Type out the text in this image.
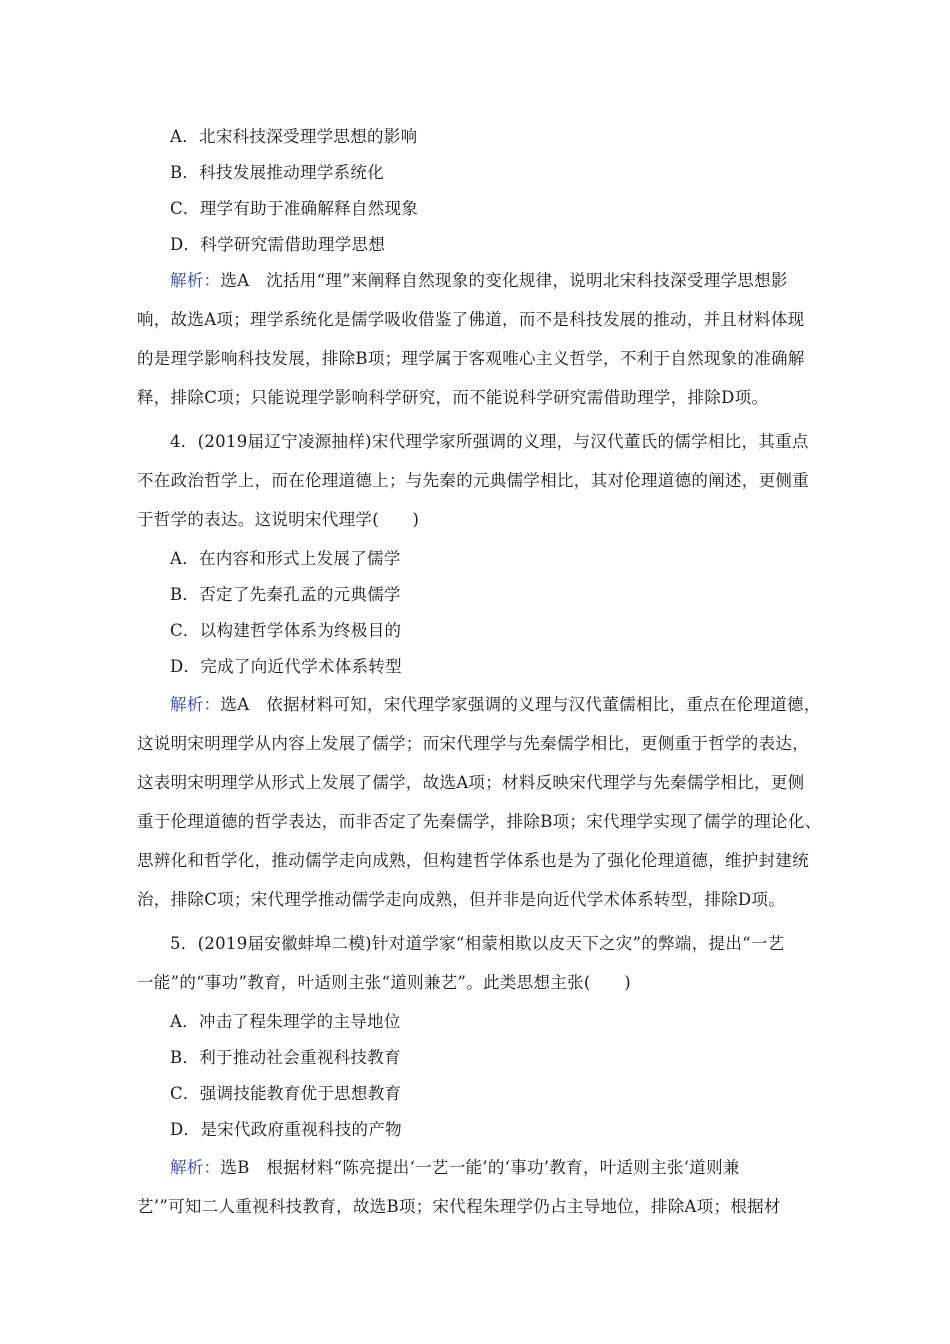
A．北宋科技深受理学思想的影响
B．科技发展推动理学系统化
C．理学有助于准确解释自然现象
D．科学研究需借助理学思想
解析：选A　沈括用“理”来阐释自然现象的变化规律，说明北宋科技深受理学思想影
响，故选A项；理学系统化是儒学吸收借鉴了佛道，而不是科技发展的推动，并且材料体现
的是理学影响科技发展，排除B项；理学属于客观唯心主义哲学，不利于自然现象的准确解
释，排除C项；只能说理学影响科学研究，而不能说科学研究需借助理学，排除D项。
4．(2019届辽宁凌源抽样)宋代理学家所强调的义理，与汉代董氏的儒学相比，其重点
不在政治哲学上，而在伦理道德上；与先秦的元典儒学相比，其对伦理道德的阐述，更侧重
于哲学的表达。这说明宋代理学(　　)
A．在内容和形式上发展了儒学
B．否定了先秦孔孟的元典儒学
C．以构建哲学体系为终极目的
D．完成了向近代学术体系转型
解析：选A　依据材料可知，宋代理学家强调的义理与汉代董儒相比，重点在伦理道德，
这说明宋明理学从内容上发展了儒学；而宋代理学与先秦儒学相比，更侧重于哲学的表达，
这表明宋明理学从形式上发展了儒学，故选A项；材料反映宋代理学与先秦儒学相比，更侧
重于伦理道德的哲学表达，而非否定了先秦儒学，排除B项；宋代理学实现了儒学的理论化、
思辨化和哲学化，推动儒学走向成熟，但构建哲学体系也是为了强化伦理道德，维护封建统
治，排除C项；宋代理学推动儒学走向成熟，但并非是向近代学术体系转型，排除D项。
5．(2019届安徽蚌埠二模)针对道学家“相蒙相欺以皮天下之灾”的弊端，提出“一艺
一能”的“事功”教育，叶适则主张“道则兼艺”。此类思想主张(　　)
A．冲击了程朱理学的主导地位
B．利于推动社会重视科技教育
C．强调技能教育优于思想教育
D．是宋代政府重视科技的产物
解析：选B　根据材料“陈亮提出‘一艺一能’的‘事功’教育，叶适则主张‘道则兼
艺’”可知二人重视科技教育，故选B项；宋代程朱理学仍占主导地位，排除A项；根据材
